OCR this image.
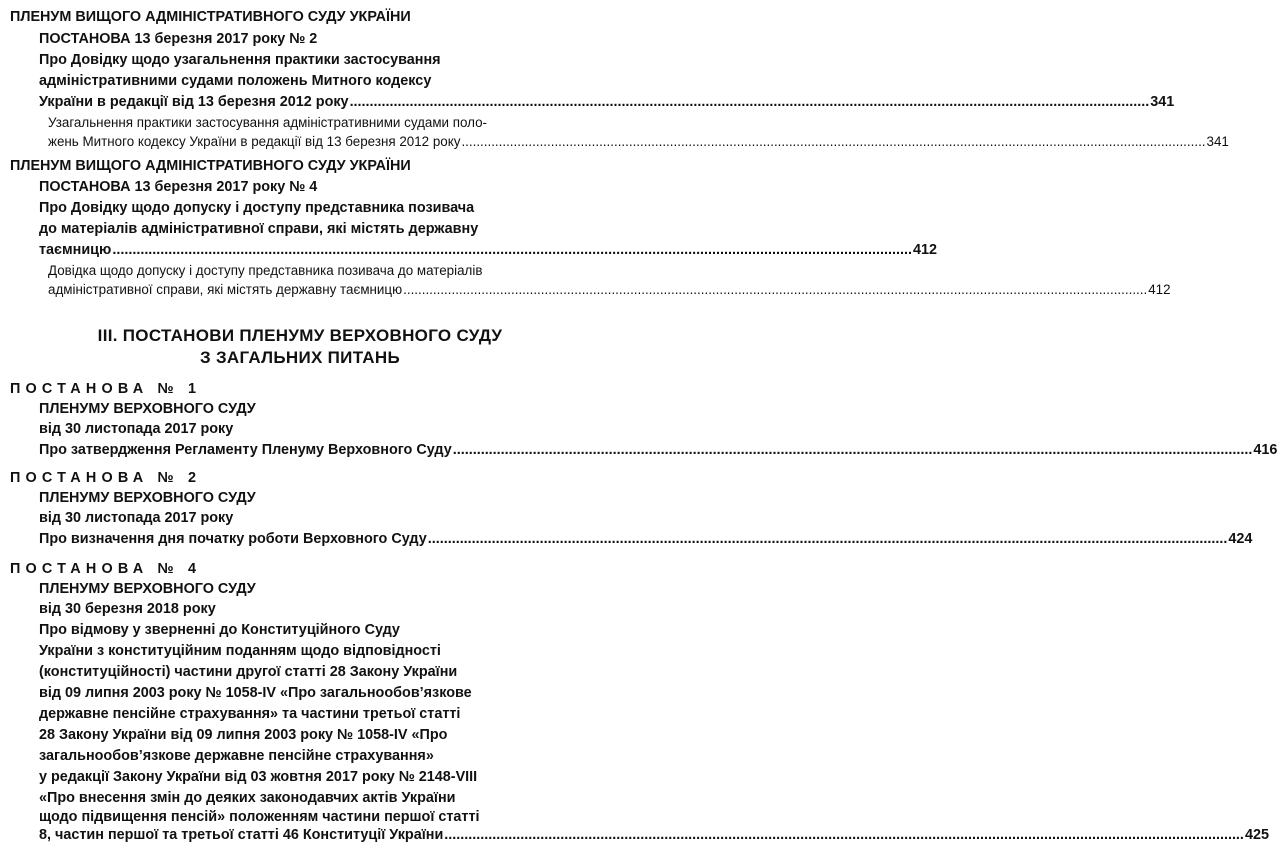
ПЛЕНУМ ВИЩОГО АДМІНІСТРАТИВНОГО СУДУ УКРАЇНИ
ПОСТАНОВА 13 березня 2017 року № 2
Про Довідку щодо узагальнення практики застосування
адміністративними судами положень Митного кодексу
України в редакції від 13 березня 2012 року ........................................................................................................................................................................................................ 341
Узагальнення практики застосування адміністративними судами поло-
жень Митного кодексу України в редакції від 13 березня 2012 року ........................................................................................................................................................................................................ 341
ПЛЕНУМ ВИЩОГО АДМІНІСТРАТИВНОГО СУДУ УКРАЇНИ
ПОСТАНОВА 13 березня 2017 року № 4
Про Довідку щодо допуску і доступу представника позивача
до матеріалів адміністративної справи, які містять державну
таємницю ........................................................................................................................................................................................................ 412
Довідка щодо допуску і доступу представника позивача до матеріалів
адміністративної справи, які містять державну таємницю ........................................................................................................................................................................................................ 412
ІІІ. ПОСТАНОВИ ПЛЕНУМУ ВЕРХОВНОГО СУДУ
З ЗАГАЛЬНИХ ПИТАНЬ
ПОСТАНОВА № 1
ПЛЕНУМУ ВЕРХОВНОГО СУДУ
від 30 листопада 2017 року
Про затвердження Регламенту Пленуму Верховного Суду ........................................................................................................................................................................................................ 416
ПОСТАНОВА № 2
ПЛЕНУМУ ВЕРХОВНОГО СУДУ
від 30 листопада 2017 року
Про визначення дня початку роботи Верховного Суду ........................................................................................................................................................................................................ 424
ПОСТАНОВА № 4
ПЛЕНУМУ ВЕРХОВНОГО СУДУ
від 30 березня 2018 року
Про відмову у зверненні до Конституційного Суду
України з конституційним поданням щодо відповідності
(конституційності) частини другої статті 28 Закону України
від 09 липня 2003 року № 1058-IV «Про загальнообов’язкове
державне пенсійне страхування» та частини третьої статті
28 Закону України від 09 липня 2003 року № 1058-IV «Про
загальнообов’язкове державне пенсійне страхування»
у редакції Закону України від 03 жовтня 2017 року № 2148-VIII
«Про внесення змін до деяких законодавчих актів України
щодо підвищення пенсій» положенням частини першої статті
8, частин першої та третьої статті 46 Конституції України ........................................................................................................................................................................................................ 425
